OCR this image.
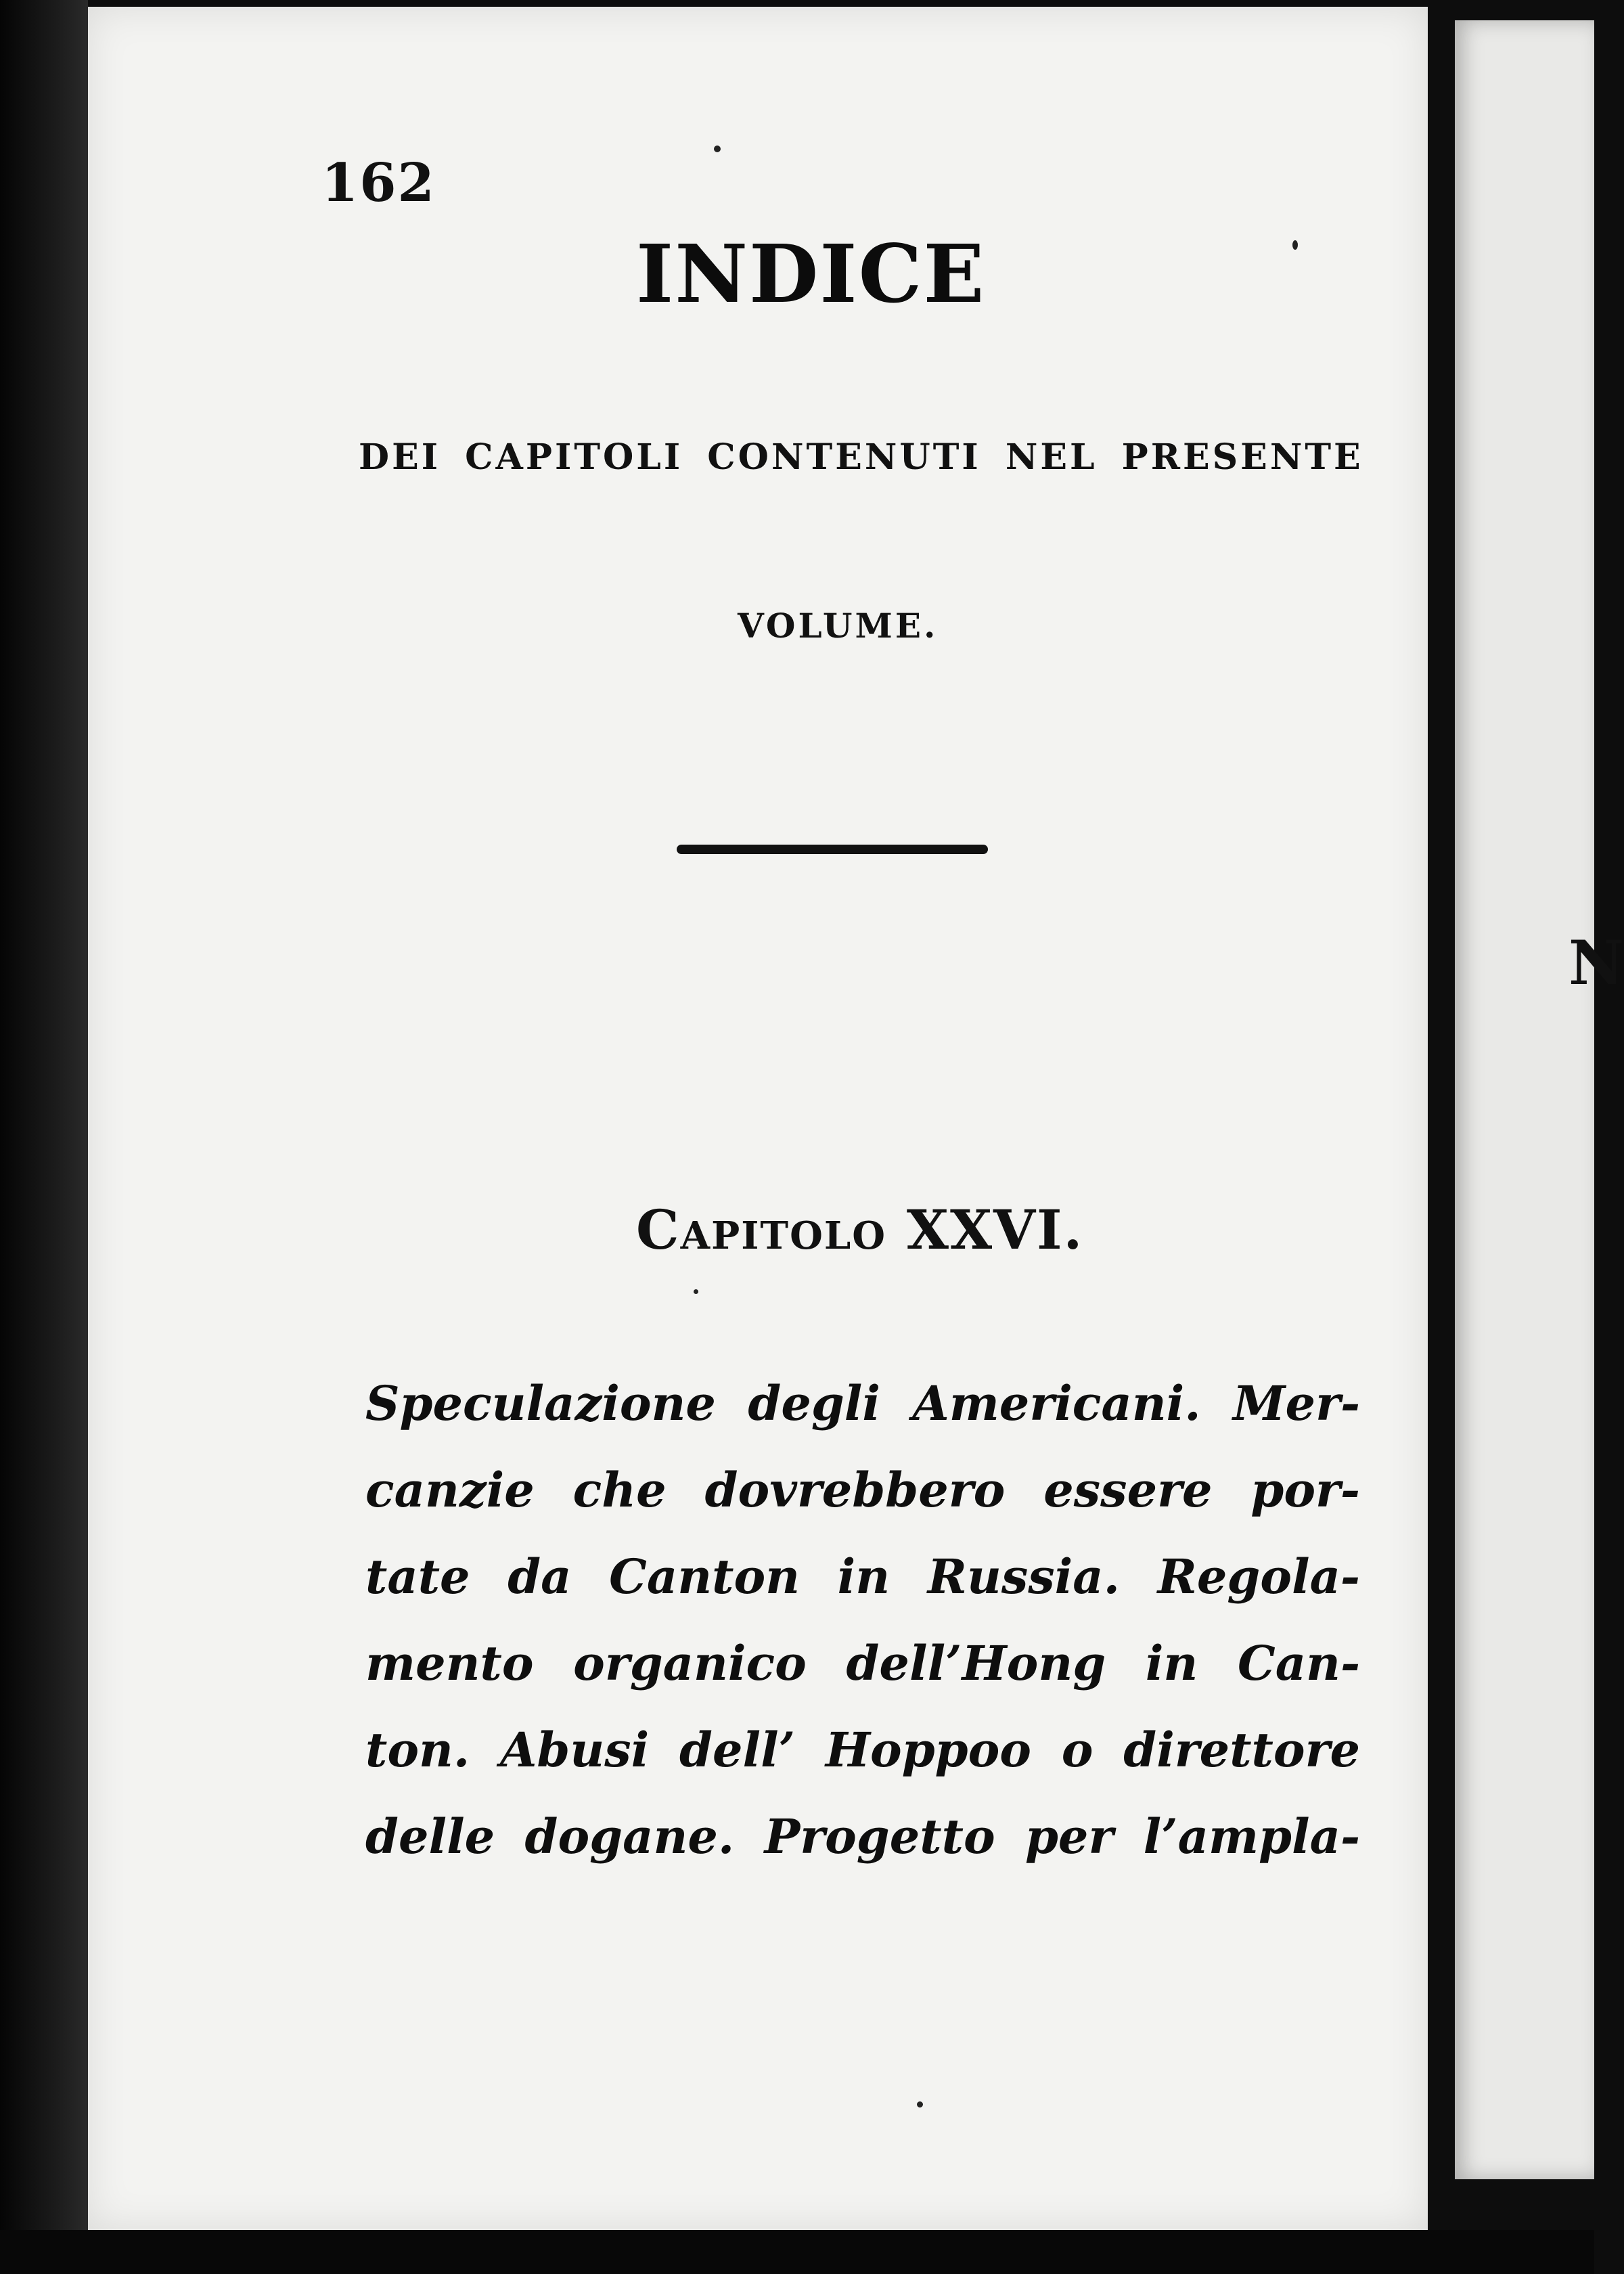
N
162
INDICE
DEI CAPITOLI CONTENUTI NEL PRESENTE
VOLUME.
Capitolo XXVI.
Speculazione degli Americani. Mer-
canzie che dovrebbero essere por-
tate da Canton in Russia. Regola-
mento organico dell’Hong in Can-
ton. Abusi dell’ Hoppoo o direttore
delle dogane. Progetto per l’ampla-
